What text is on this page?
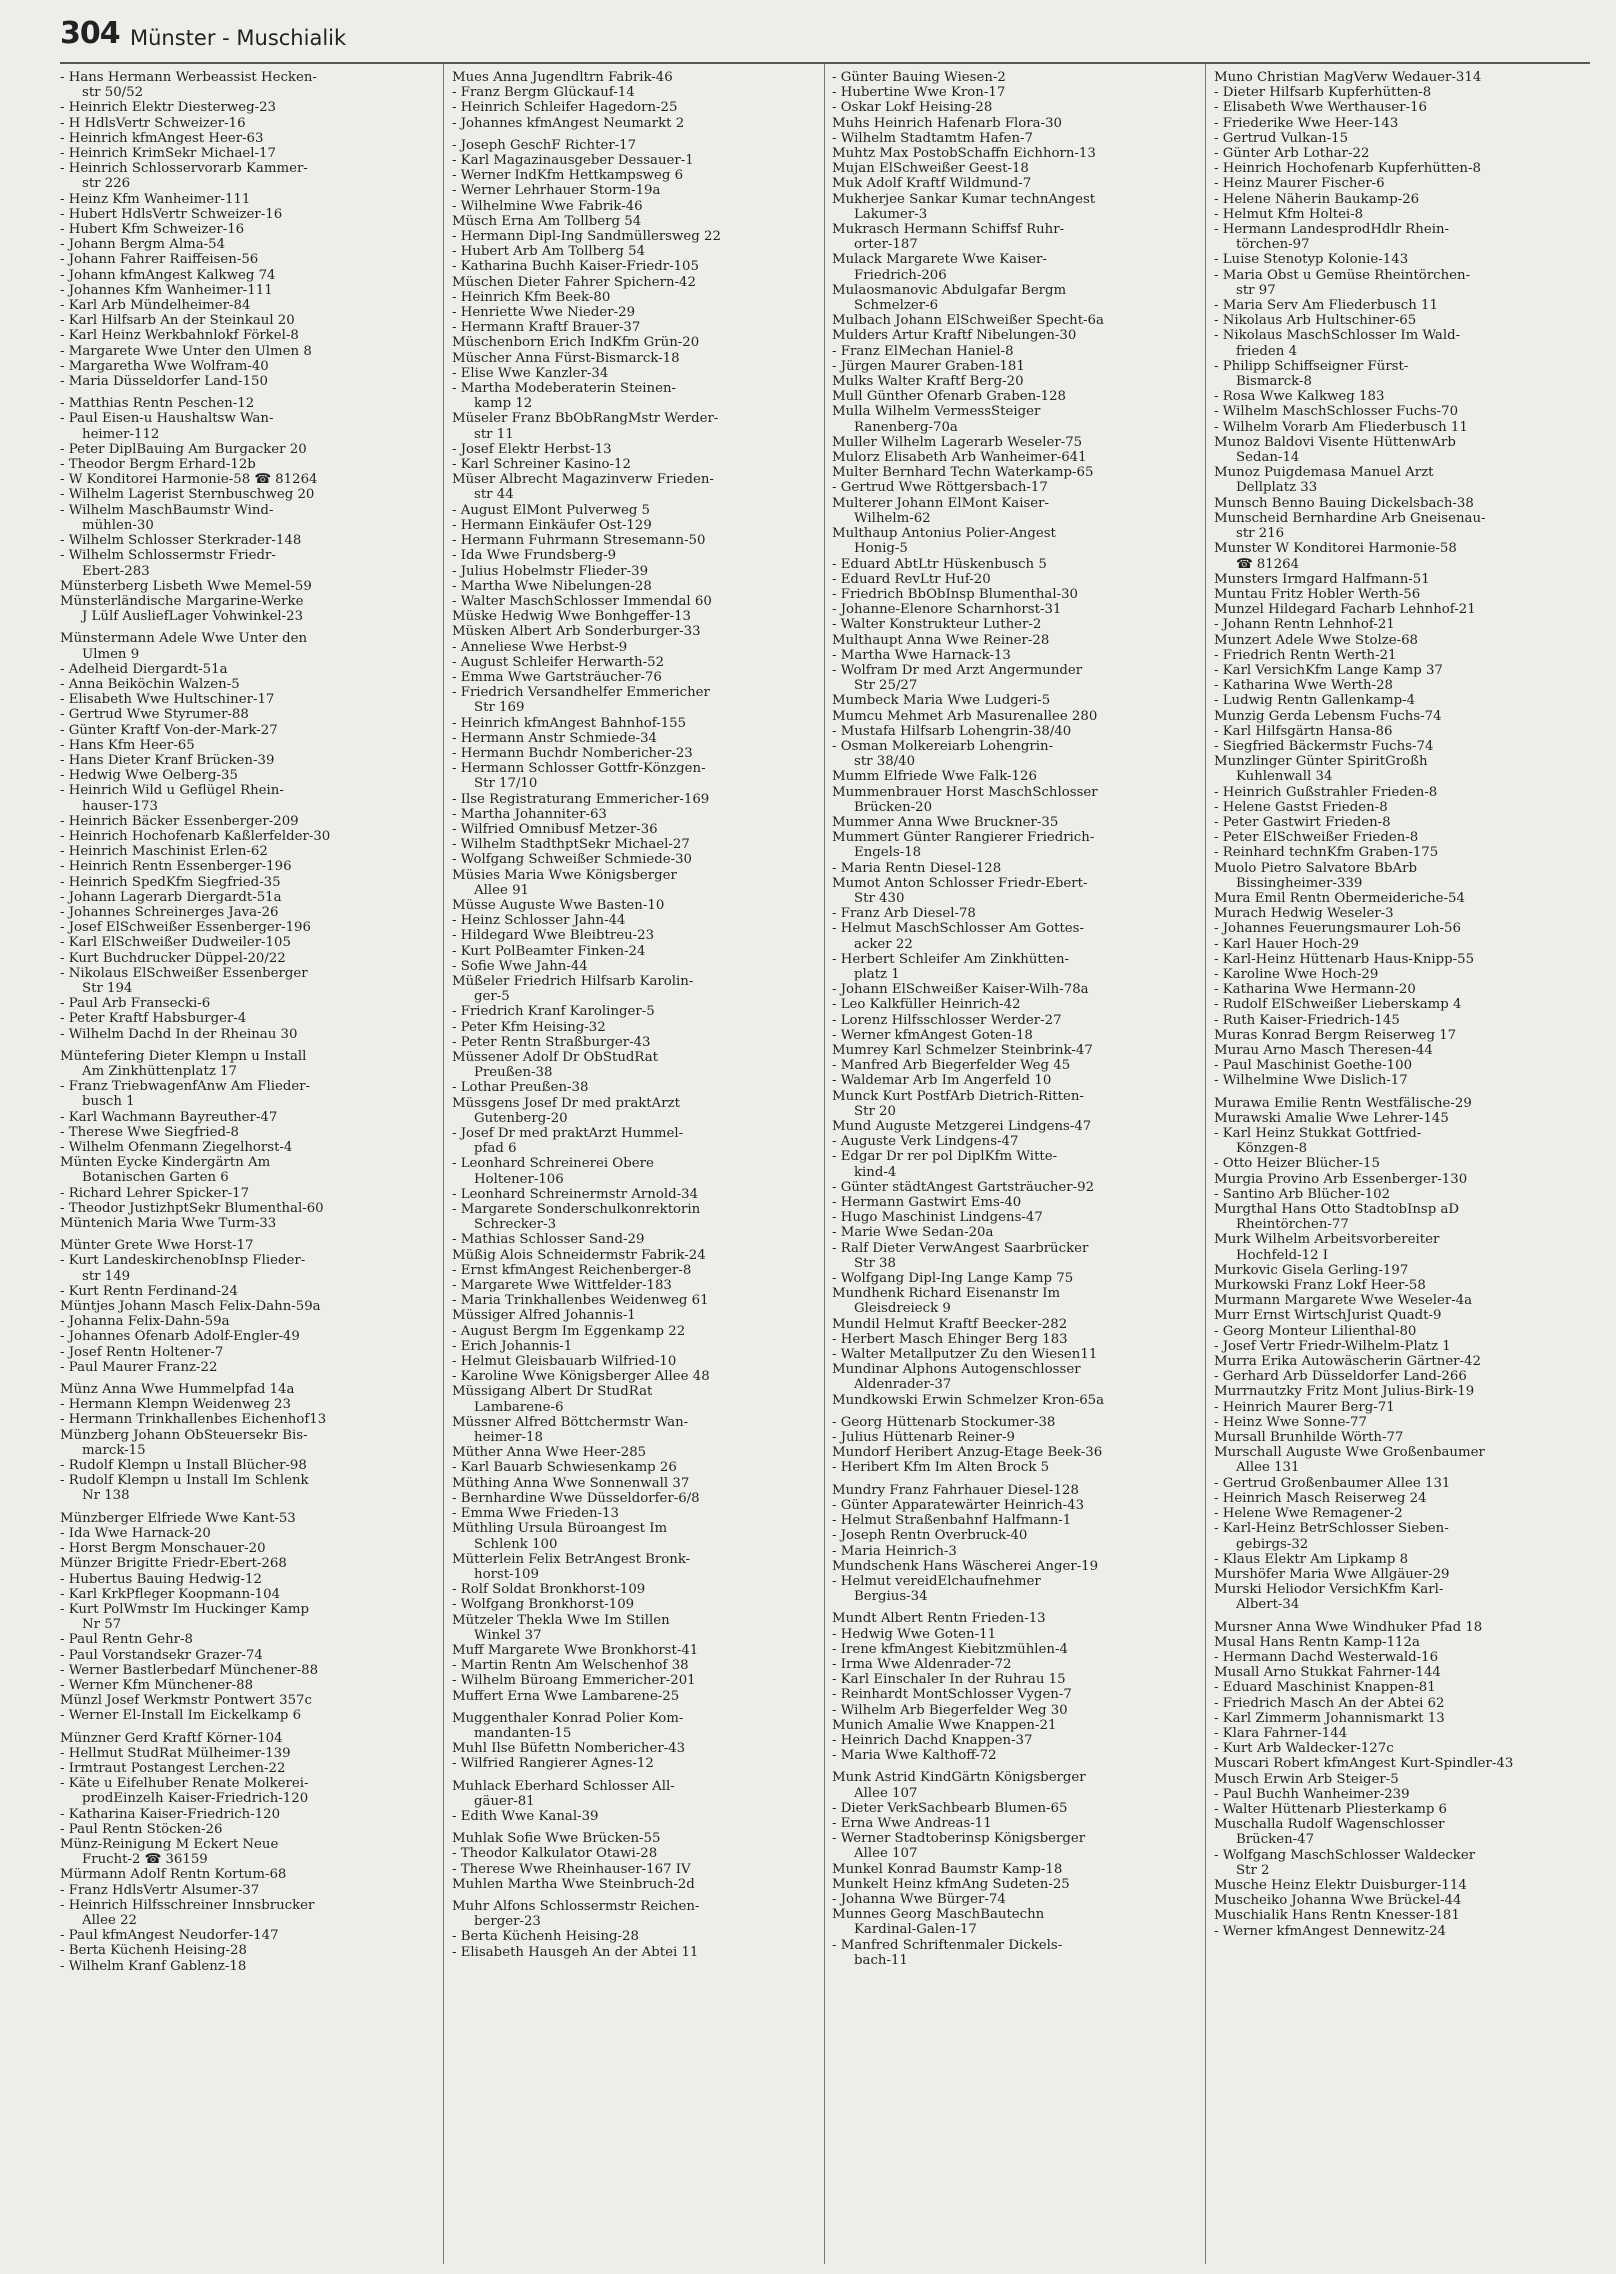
304 Münster - Muschialik
- Hans Hermann Werbeassist Hecken-
str 50/52
- Heinrich Elektr Diesterweg-23
- H HdlsVertr Schweizer-16
- Heinrich kfmAngest Heer-63
- Heinrich KrimSekr Michael-17
- Heinrich Schlosservorarb Kammer-
str 226
- Heinz Kfm Wanheimer-111
- Hubert HdlsVertr Schweizer-16
- Hubert Kfm Schweizer-16
- Johann Bergm Alma-54
- Johann Fahrer Raiffeisen-56
- Johann kfmAngest Kalkweg 74
- Johannes Kfm Wanheimer-111
- Karl Arb Mündelheimer-84
- Karl Hilfsarb An der Steinkaul 20
- Karl Heinz Werkbahnlokf Förkel-8
- Margarete Wwe Unter den Ulmen 8
- Margaretha Wwe Wolfram-40
- Maria Düsseldorfer Land-150
- Matthias Rentn Peschen-12
- Paul Eisen-u Haushaltsw Wan-
heimer-112
- Peter DiplBauing Am Burgacker 20
- Theodor Bergm Erhard-12b
- W Konditorei Harmonie-58 ☎ 81264
- Wilhelm Lagerist Sternbuschweg 20
- Wilhelm MaschBaumstr Wind-
mühlen-30
- Wilhelm Schlosser Sterkrader-148
- Wilhelm Schlossermstr Friedr-
Ebert-283
Münsterberg Lisbeth Wwe Memel-59
Münsterländische Margarine-Werke
J Lülf AusliefLager Vohwinkel-23
Münstermann Adele Wwe Unter den
Ulmen 9
- Adelheid Diergardt-51a
- Anna Beiköchin Walzen-5
- Elisabeth Wwe Hultschiner-17
- Gertrud Wwe Styrumer-88
- Günter Kraftf Von-der-Mark-27
- Hans Kfm Heer-65
- Hans Dieter Kranf Brücken-39
- Hedwig Wwe Oelberg-35
- Heinrich Wild u Geflügel Rhein-
hauser-173
- Heinrich Bäcker Essenberger-209
- Heinrich Hochofenarb Kaßlerfelder-30
- Heinrich Maschinist Erlen-62
- Heinrich Rentn Essenberger-196
- Heinrich SpedKfm Siegfried-35
- Johann Lagerarb Diergardt-51a
- Johannes Schreinerges Java-26
- Josef ElSchweißer Essenberger-196
- Karl ElSchweißer Dudweiler-105
- Kurt Buchdrucker Düppel-20/22
- Nikolaus ElSchweißer Essenberger
Str 194
- Paul Arb Fransecki-6
- Peter Kraftf Habsburger-4
- Wilhelm Dachd In der Rheinau 30
Müntefering Dieter Klempn u Install
Am Zinkhüttenplatz 17
- Franz TriebwagenfAnw Am Flieder-
busch 1
- Karl Wachmann Bayreuther-47
- Therese Wwe Siegfried-8
- Wilhelm Ofenmann Ziegelhorst-4
Münten Eycke Kindergärtn Am
Botanischen Garten 6
- Richard Lehrer Spicker-17
- Theodor JustizhptSekr Blumenthal-60
Müntenich Maria Wwe Turm-33
Münter Grete Wwe Horst-17
- Kurt LandeskirchenobInsp Flieder-
str 149
- Kurt Rentn Ferdinand-24
Müntjes Johann Masch Felix-Dahn-59a
- Johanna Felix-Dahn-59a
- Johannes Ofenarb Adolf-Engler-49
- Josef Rentn Holtener-7
- Paul Maurer Franz-22
Münz Anna Wwe Hummelpfad 14a
- Hermann Klempn Weidenweg 23
- Hermann Trinkhallenbes Eichenhof13
Münzberg Johann ObSteuersekr Bis-
marck-15
- Rudolf Klempn u Install Blücher-98
- Rudolf Klempn u Install Im Schlenk
Nr 138
Münzberger Elfriede Wwe Kant-53
- Ida Wwe Harnack-20
- Horst Bergm Monschauer-20
Münzer Brigitte Friedr-Ebert-268
- Hubertus Bauing Hedwig-12
- Karl KrkPfleger Koopmann-104
- Kurt PolWmstr Im Huckinger Kamp
Nr 57
- Paul Rentn Gehr-8
- Paul Vorstandsekr Grazer-74
- Werner Bastlerbedarf Münchener-88
- Werner Kfm Münchener-88
Münzl Josef Werkmstr Pontwert 357c
- Werner El-Install Im Eickelkamp 6
Münzner Gerd Kraftf Körner-104
- Hellmut StudRat Mülheimer-139
- Irmtraut Postangest Lerchen-22
- Käte u Eifelhuber Renate Molkerei-
prodEinzelh Kaiser-Friedrich-120
- Katharina Kaiser-Friedrich-120
- Paul Rentn Stöcken-26
Münz-Reinigung M Eckert Neue
Frucht-2 ☎ 36159
Mürmann Adolf Rentn Kortum-68
- Franz HdlsVertr Alsumer-37
- Heinrich Hilfsschreiner Innsbrucker
Allee 22
- Paul kfmAngest Neudorfer-147
- Berta Küchenh Heising-28
- Wilhelm Kranf Gablenz-18
Mues Anna Jugendltrn Fabrik-46
- Franz Bergm Glückauf-14
- Heinrich Schleifer Hagedorn-25
- Johannes kfmAngest Neumarkt 2
- Joseph GeschF Richter-17
- Karl Magazinausgeber Dessauer-1
- Werner IndKfm Hettkampsweg 6
- Werner Lehrhauer Storm-19a
- Wilhelmine Wwe Fabrik-46
Müsch Erna Am Tollberg 54
- Hermann Dipl-Ing Sandmüllersweg 22
- Hubert Arb Am Tollberg 54
- Katharina Buchh Kaiser-Friedr-105
Müschen Dieter Fahrer Spichern-42
- Heinrich Kfm Beek-80
- Henriette Wwe Nieder-29
- Hermann Kraftf Brauer-37
Müschenborn Erich IndKfm Grün-20
Müscher Anna Fürst-Bismarck-18
- Elise Wwe Kanzler-34
- Martha Modeberaterin Steinen-
kamp 12
Müseler Franz BbObRangMstr Werder-
str 11
- Josef Elektr Herbst-13
- Karl Schreiner Kasino-12
Müser Albrecht Magazinverw Frieden-
str 44
- August ElMont Pulverweg 5
- Hermann Einkäufer Ost-129
- Hermann Fuhrmann Stresemann-50
- Ida Wwe Frundsberg-9
- Julius Hobelmstr Flieder-39
- Martha Wwe Nibelungen-28
- Walter MaschSchlosser Immendal 60
Müske Hedwig Wwe Bonhgeffer-13
Müsken Albert Arb Sonderburger-33
- Anneliese Wwe Herbst-9
- August Schleifer Herwarth-52
- Emma Wwe Gartsträucher-76
- Friedrich Versandhelfer Emmericher
Str 169
- Heinrich kfmAngest Bahnhof-155
- Hermann Anstr Schmiede-34
- Hermann Buchdr Nombericher-23
- Hermann Schlosser Gottfr-Könzgen-
Str 17/10
- Ilse Registraturang Emmericher-169
- Martha Johanniter-63
- Wilfried Omnibusf Metzer-36
- Wilhelm StadthptSekr Michael-27
- Wolfgang Schweißer Schmiede-30
Müsies Maria Wwe Königsberger
Allee 91
Müsse Auguste Wwe Basten-10
- Heinz Schlosser Jahn-44
- Hildegard Wwe Bleibtreu-23
- Kurt PolBeamter Finken-24
- Sofie Wwe Jahn-44
Müßeler Friedrich Hilfsarb Karolin-
ger-5
- Friedrich Kranf Karolinger-5
- Peter Kfm Heising-32
- Peter Rentn Straßburger-43
Müssener Adolf Dr ObStudRat
Preußen-38
- Lothar Preußen-38
Müssgens Josef Dr med praktArzt
Gutenberg-20
- Josef Dr med praktArzt Hummel-
pfad 6
- Leonhard Schreinerei Obere
Holtener-106
- Leonhard Schreinermstr Arnold-34
- Margarete Sonderschulkonrektorin
Schrecker-3
- Mathias Schlosser Sand-29
Müßig Alois Schneidermstr Fabrik-24
- Ernst kfmAngest Reichenberger-8
- Margarete Wwe Wittfelder-183
- Maria Trinkhallenbes Weidenweg 61
Müssiger Alfred Johannis-1
- August Bergm Im Eggenkamp 22
- Erich Johannis-1
- Helmut Gleisbauarb Wilfried-10
- Karoline Wwe Königsberger Allee 48
Müssigang Albert Dr StudRat
Lambarene-6
Müssner Alfred Böttchermstr Wan-
heimer-18
Müther Anna Wwe Heer-285
- Karl Bauarb Schwiesenkamp 26
Müthing Anna Wwe Sonnenwall 37
- Bernhardine Wwe Düsseldorfer-6/8
- Emma Wwe Frieden-13
Müthling Ursula Büroangest Im
Schlenk 100
Mütterlein Felix BetrAngest Bronk-
horst-109
- Rolf Soldat Bronkhorst-109
- Wolfgang Bronkhorst-109
Mützeler Thekla Wwe Im Stillen
Winkel 37
Muff Margarete Wwe Bronkhorst-41
- Martin Rentn Am Welschenhof 38
- Wilhelm Büroang Emmericher-201
Muffert Erna Wwe Lambarene-25
Muggenthaler Konrad Polier Kom-
mandanten-15
Muhl Ilse Büfettn Nombericher-43
- Wilfried Rangierer Agnes-12
Muhlack Eberhard Schlosser All-
gäuer-81
- Edith Wwe Kanal-39
Muhlak Sofie Wwe Brücken-55
- Theodor Kalkulator Otawi-28
- Therese Wwe Rheinhauser-167 IV
Muhlen Martha Wwe Steinbruch-2d
Muhr Alfons Schlossermstr Reichen-
berger-23
- Berta Küchenh Heising-28
- Elisabeth Hausgeh An der Abtei 11
- Günter Bauing Wiesen-2
- Hubertine Wwe Kron-17
- Oskar Lokf Heising-28
Muhs Heinrich Hafenarb Flora-30
- Wilhelm Stadtamtm Hafen-7
Muhtz Max PostobSchaffn Eichhorn-13
Mujan ElSchweißer Geest-18
Muk Adolf Kraftf Wildmund-7
Mukherjee Sankar Kumar technAngest
Lakumer-3
Mukrasch Hermann Schiffsf Ruhr-
orter-187
Mulack Margarete Wwe Kaiser-
Friedrich-206
Mulaosmanovic Abdulgafar Bergm
Schmelzer-6
Mulbach Johann ElSchweißer Specht-6a
Mulders Artur Kraftf Nibelungen-30
- Franz ElMechan Haniel-8
- Jürgen Maurer Graben-181
Mulks Walter Kraftf Berg-20
Mull Günther Ofenarb Graben-128
Mulla Wilhelm VermessSteiger
Ranenberg-70a
Muller Wilhelm Lagerarb Weseler-75
Mulorz Elisabeth Arb Wanheimer-641
Multer Bernhard Techn Waterkamp-65
- Gertrud Wwe Röttgersbach-17
Multerer Johann ElMont Kaiser-
Wilhelm-62
Multhaup Antonius Polier-Angest
Honig-5
- Eduard AbtLtr Hüskenbusch 5
- Eduard RevLtr Huf-20
- Friedrich BbObInsp Blumenthal-30
- Johanne-Elenore Scharnhorst-31
- Walter Konstrukteur Luther-2
Multhaupt Anna Wwe Reiner-28
- Martha Wwe Harnack-13
- Wolfram Dr med Arzt Angermunder
Str 25/27
Mumbeck Maria Wwe Ludgeri-5
Mumcu Mehmet Arb Masurenallee 280
- Mustafa Hilfsarb Lohengrin-38/40
- Osman Molkereiarb Lohengrin-
str 38/40
Mumm Elfriede Wwe Falk-126
Mummenbrauer Horst MaschSchlosser
Brücken-20
Mummer Anna Wwe Bruckner-35
Mummert Günter Rangierer Friedrich-
Engels-18
- Maria Rentn Diesel-128
Mumot Anton Schlosser Friedr-Ebert-
Str 430
- Franz Arb Diesel-78
- Helmut MaschSchlosser Am Gottes-
acker 22
- Herbert Schleifer Am Zinkhütten-
platz 1
- Johann ElSchweißer Kaiser-Wilh-78a
- Leo Kalkfüller Heinrich-42
- Lorenz Hilfsschlosser Werder-27
- Werner kfmAngest Goten-18
Mumrey Karl Schmelzer Steinbrink-47
- Manfred Arb Biegerfelder Weg 45
- Waldemar Arb Im Angerfeld 10
Munck Kurt PostfArb Dietrich-Ritten-
Str 20
Mund Auguste Metzgerei Lindgens-47
- Auguste Verk Lindgens-47
- Edgar Dr rer pol DiplKfm Witte-
kind-4
- Günter städtAngest Gartsträucher-92
- Hermann Gastwirt Ems-40
- Hugo Maschinist Lindgens-47
- Marie Wwe Sedan-20a
- Ralf Dieter VerwAngest Saarbrücker
Str 38
- Wolfgang Dipl-Ing Lange Kamp 75
Mundhenk Richard Eisenanstr Im
Gleisdreieck 9
Mundil Helmut Kraftf Beecker-282
- Herbert Masch Ehinger Berg 183
- Walter Metallputzer Zu den Wiesen11
Mundinar Alphons Autogenschlosser
Aldenrader-37
Mundkowski Erwin Schmelzer Kron-65a
- Georg Hüttenarb Stockumer-38
- Julius Hüttenarb Reiner-9
Mundorf Heribert Anzug-Etage Beek-36
- Heribert Kfm Im Alten Brock 5
Mundry Franz Fahrhauer Diesel-128
- Günter Apparatewärter Heinrich-43
- Helmut Straßenbahnf Halfmann-1
- Joseph Rentn Overbruck-40
- Maria Heinrich-3
Mundschenk Hans Wäscherei Anger-19
- Helmut vereidElchaufnehmer
Bergius-34
Mundt Albert Rentn Frieden-13
- Hedwig Wwe Goten-11
- Irene kfmAngest Kiebitzmühlen-4
- Irma Wwe Aldenrader-72
- Karl Einschaler In der Ruhrau 15
- Reinhardt MontSchlosser Vygen-7
- Wilhelm Arb Biegerfelder Weg 30
Munich Amalie Wwe Knappen-21
- Heinrich Dachd Knappen-37
- Maria Wwe Kalthoff-72
Munk Astrid KindGärtn Königsberger
Allee 107
- Dieter VerkSachbearb Blumen-65
- Erna Wwe Andreas-11
- Werner Stadtoberinsp Königsberger
Allee 107
Munkel Konrad Baumstr Kamp-18
Munkelt Heinz kfmAng Sudeten-25
- Johanna Wwe Bürger-74
Munnes Georg MaschBautechn
Kardinal-Galen-17
- Manfred Schriftenmaler Dickels-
bach-11
Muno Christian MagVerw Wedauer-314
- Dieter Hilfsarb Kupferhütten-8
- Elisabeth Wwe Werthauser-16
- Friederike Wwe Heer-143
- Gertrud Vulkan-15
- Günter Arb Lothar-22
- Heinrich Hochofenarb Kupferhütten-8
- Heinz Maurer Fischer-6
- Helene Näherin Baukamp-26
- Helmut Kfm Holtei-8
- Hermann LandesprodHdlr Rhein-
törchen-97
- Luise Stenotyp Kolonie-143
- Maria Obst u Gemüse Rheintörchen-
str 97
- Maria Serv Am Fliederbusch 11
- Nikolaus Arb Hultschiner-65
- Nikolaus MaschSchlosser Im Wald-
frieden 4
- Philipp Schiffseigner Fürst-
Bismarck-8
- Rosa Wwe Kalkweg 183
- Wilhelm MaschSchlosser Fuchs-70
- Wilhelm Vorarb Am Fliederbusch 11
Munoz Baldovi Visente HüttenwArb
Sedan-14
Munoz Puigdemasa Manuel Arzt
Dellplatz 33
Munsch Benno Bauing Dickelsbach-38
Munscheid Bernhardine Arb Gneisenau-
str 216
Munster W Konditorei Harmonie-58
☎ 81264
Munsters Irmgard Halfmann-51
Muntau Fritz Hobler Werth-56
Munzel Hildegard Facharb Lehnhof-21
- Johann Rentn Lehnhof-21
Munzert Adele Wwe Stolze-68
- Friedrich Rentn Werth-21
- Karl VersichKfm Lange Kamp 37
- Katharina Wwe Werth-28
- Ludwig Rentn Gallenkamp-4
Munzig Gerda Lebensm Fuchs-74
- Karl Hilfsgärtn Hansa-86
- Siegfried Bäckermstr Fuchs-74
Munzlinger Günter SpiritGroßh
Kuhlenwall 34
- Heinrich Gußstrahler Frieden-8
- Helene Gastst Frieden-8
- Peter Gastwirt Frieden-8
- Peter ElSchweißer Frieden-8
- Reinhard technKfm Graben-175
Muolo Pietro Salvatore BbArb
Bissingheimer-339
Mura Emil Rentn Obermeiderichе-54
Murach Hedwig Weseler-3
- Johannes Feuerungsmaurer Loh-56
- Karl Hauer Hoch-29
- Karl-Heinz Hüttenarb Haus-Knipp-55
- Karoline Wwe Hoch-29
- Katharina Wwe Hermann-20
- Rudolf ElSchweißer Lieberskamp 4
- Ruth Kaiser-Friedrich-145
Muras Konrad Bergm Reiserweg 17
Murau Arno Masch Theresen-44
- Paul Maschinist Goethe-100
- Wilhelmine Wwe Dislich-17
Murawa Emilie Rentn Westfälische-29
Murawski Amalie Wwe Lehrer-145
- Karl Heinz Stukkat Gottfried-
Könzgen-8
- Otto Heizer Blücher-15
Murgia Provino Arb Essenberger-130
- Santino Arb Blücher-102
Murgthal Hans Otto StadtobInsp aD
Rheintörchen-77
Murk Wilhelm Arbeitsvorbereiter
Hochfeld-12 I
Murkovic Gisela Gerling-197
Murkowski Franz Lokf Heer-58
Murmann Margarete Wwe Weseler-4a
Murr Ernst WirtschJurist Quadt-9
- Georg Monteur Lilienthal-80
- Josef Vertr Friedr-Wilhelm-Platz 1
Murra Erika Autowäscherin Gärtner-42
- Gerhard Arb Düsseldorfer Land-266
Murrnautzky Fritz Mont Julius-Birk-19
- Heinrich Maurer Berg-71
- Heinz Wwe Sonne-77
Mursall Brunhilde Wörth-77
Murschall Auguste Wwe Großenbaumer
Allee 131
- Gertrud Großenbaumer Allee 131
- Heinrich Masch Reiserweg 24
- Helene Wwe Remagener-2
- Karl-Heinz BetrSchlosser Sieben-
gebirgs-32
- Klaus Elektr Am Lipkamp 8
Murshöfer Maria Wwe Allgäuer-29
Murski Heliodor VersichKfm Karl-
Albert-34
Mursner Anna Wwe Windhuker Pfad 18
Musal Hans Rentn Kamp-112a
- Hermann Dachd Westerwald-16
Musall Arno Stukkat Fahrner-144
- Eduard Maschinist Knappen-81
- Friedrich Masch An der Abtei 62
- Karl Zimmerm Johannismarkt 13
- Klara Fahrner-144
- Kurt Arb Waldecker-127c
Muscari Robert kfmAngest Kurt-Spindler-43
Musch Erwin Arb Steiger-5
- Paul Buchh Wanheimer-239
- Walter Hüttenarb Pliesterkamp 6
Muschalla Rudolf Wagenschlosser
Brücken-47
- Wolfgang MaschSchlosser Waldecker
Str 2
Musche Heinz Elektr Duisburger-114
Muscheiko Johanna Wwe Brückel-44
Muschialik Hans Rentn Knesser-181
- Werner kfmAngest Dennewitz-24
